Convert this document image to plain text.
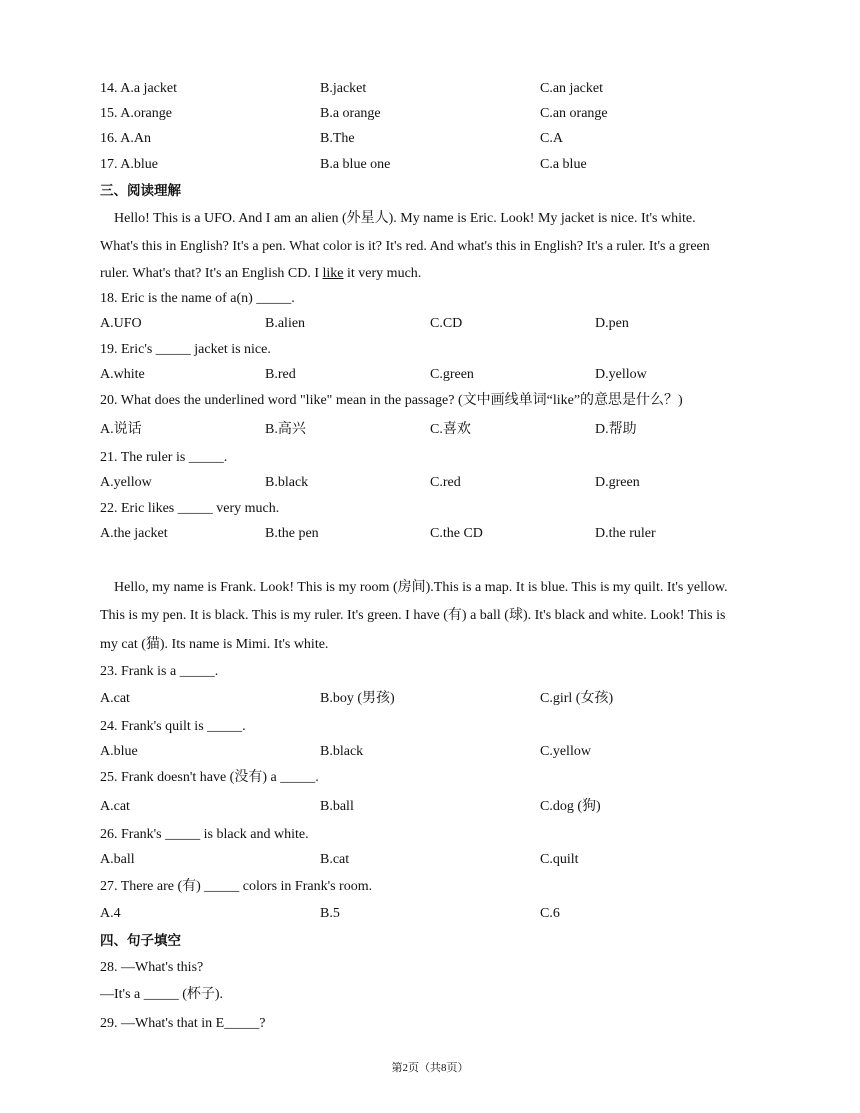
14. A.a jacket	B.jacket	C.an jacket
15. A.orange	B.a orange	C.an orange
16. A.An	B.The	C.A
17. A.blue	B.a blue one	C.a blue
三、阅读理解
Hello! This is a UFO. And I am an alien (外星人). My name is Eric. Look! My jacket is nice. It's white.
What's this in English? It's a pen. What color is it? It's red. And what's this in English? It's a ruler. It's a green
ruler. What's that? It's an English CD. I like it very much.
18. Eric is the name of a(n) _____.
A.UFO	B.alien	C.CD	D.pen
19. Eric's _____ jacket is nice.
A.white	B.red	C.green	D.yellow
20. What does the underlined word "like" mean in the passage? (文中画线单词“like”的意思是什么？)
A.说话	B.高兴	C.喜欢	D.帮助
21. The ruler is _____.
A.yellow	B.black	C.red	D.green
22. Eric likes _____ very much.
A.the jacket	B.the pen	C.the CD	D.the ruler
Hello, my name is Frank. Look! This is my room (房间).This is a map. It is blue. This is my quilt. It's yellow.
This is my pen. It is black. This is my ruler. It's green. I have (有) a ball (球). It's black and white. Look! This is
my cat (猫). Its name is Mimi. It's white.
23. Frank is a _____.
A.cat	B.boy (男孩)	C.girl (女孩)
24. Frank's quilt is _____.
A.blue	B.black	C.yellow
25. Frank doesn't have (没有) a _____.
A.cat	B.ball	C.dog (狗)
26. Frank's _____ is black and white.
A.ball	B.cat	C.quilt
27. There are (有) _____ colors in Frank's room.
A.4	B.5	C.6
四、句子填空
28. —What's this?
—It's a _____ (杯子).
29. —What's that in E_____?
第2页（共8页）
